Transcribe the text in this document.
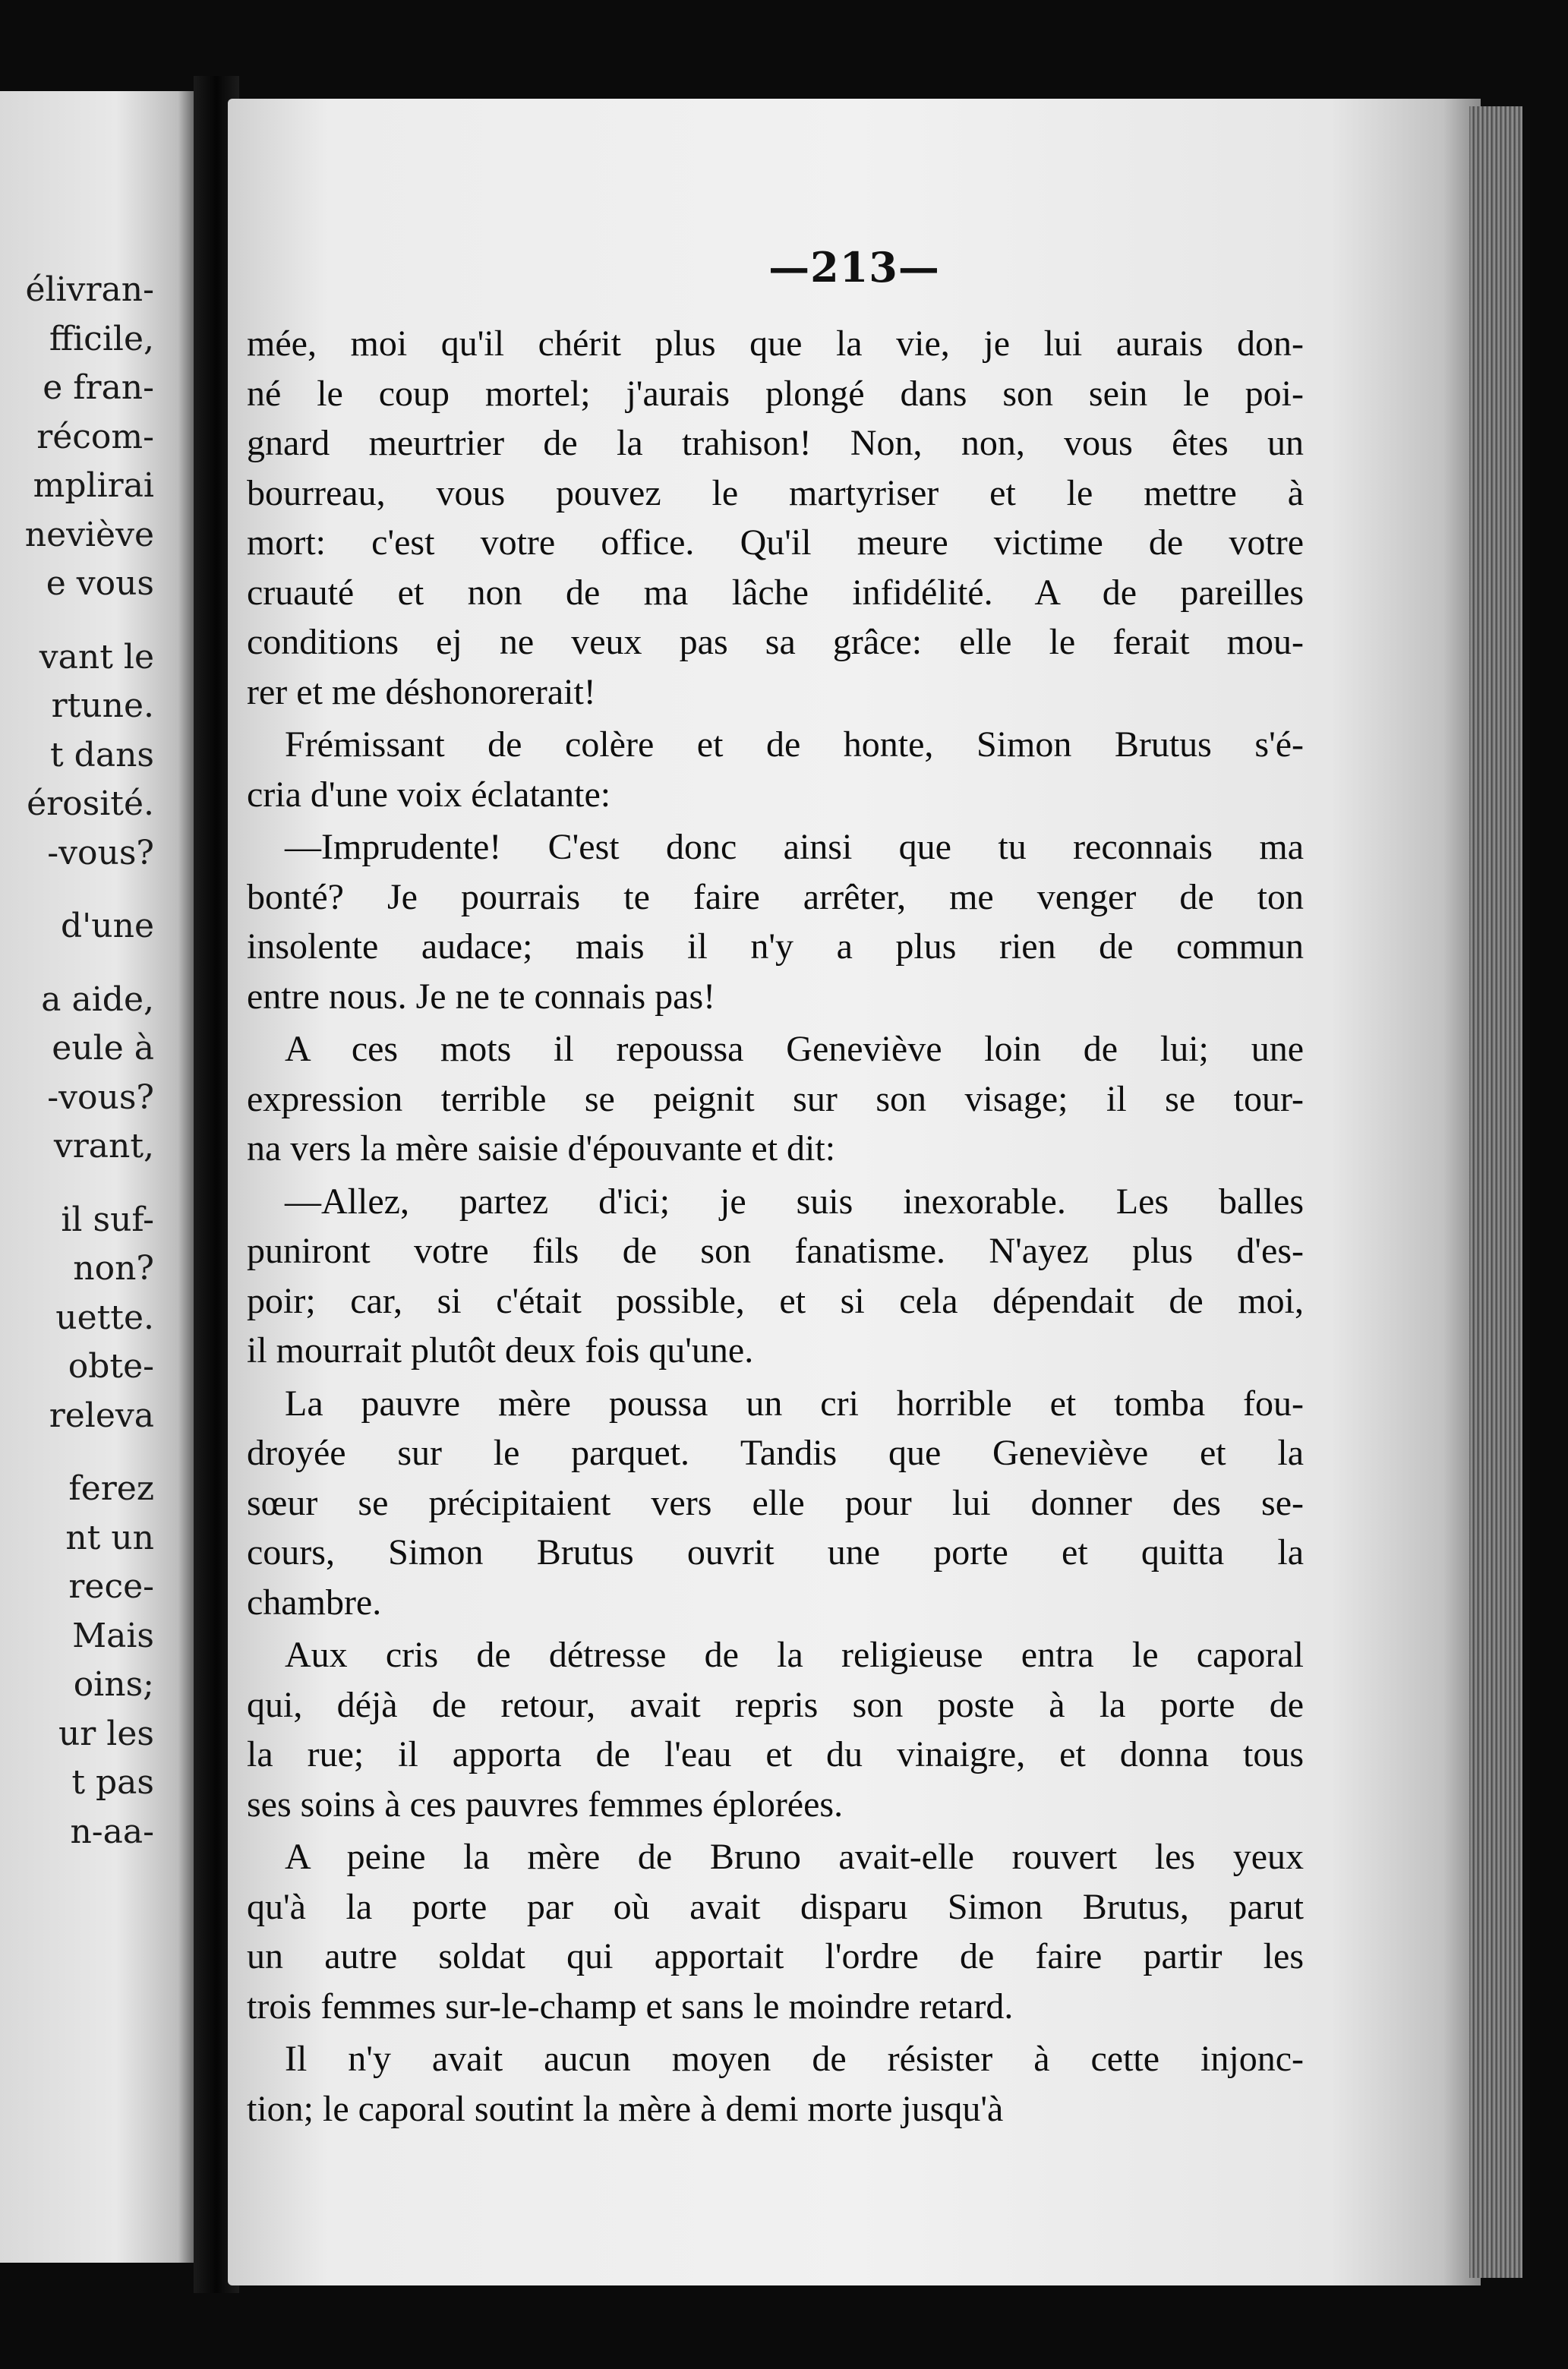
élivran-
fficile,
e fran-
récom-
mplirai
neviève
e vous
vant le
rtune.
t dans
érosité.
-vous?
d'une
a aide,
eule à
-vous?
vrant,
il suf-
non?
uette.
obte-
releva
ferez
nt un
rece-
Mais
oins;
ur les
t pas
n-aa-
—213—
mée, moi qu'il chérit plus que la vie, je lui aurais don-
né le coup mortel; j'aurais plongé dans son sein le poi-
gnard meurtrier de la trahison! Non, non, vous êtes un
bourreau, vous pouvez le martyriser et le mettre à
mort: c'est votre office. Qu'il meure victime de votre
cruauté et non de ma lâche infidélité. A de pareilles
conditions ej ne veux pas sa grâce: elle le ferait mou-
rer et me déshonorerait!
Frémissant de colère et de honte, Simon Brutus s'é-
cria d'une voix éclatante:
—Imprudente! C'est donc ainsi que tu reconnais ma
bonté? Je pourrais te faire arrêter, me venger de ton
insolente audace; mais il n'y a plus rien de commun
entre nous. Je ne te connais pas!
A ces mots il repoussa Geneviève loin de lui; une
expression terrible se peignit sur son visage; il se tour-
na vers la mère saisie d'épouvante et dit:
—Allez, partez d'ici; je suis inexorable. Les balles
puniront votre fils de son fanatisme. N'ayez plus d'es-
poir; car, si c'était possible, et si cela dépendait de moi,
il mourrait plutôt deux fois qu'une.
La pauvre mère poussa un cri horrible et tomba fou-
droyée sur le parquet. Tandis que Geneviève et la
sœur se précipitaient vers elle pour lui donner des se-
cours, Simon Brutus ouvrit une porte et quitta la
chambre.
Aux cris de détresse de la religieuse entra le caporal
qui, déjà de retour, avait repris son poste à la porte de
la rue; il apporta de l'eau et du vinaigre, et donna tous
ses soins à ces pauvres femmes éplorées.
A peine la mère de Bruno avait-elle rouvert les yeux
qu'à la porte par où avait disparu Simon Brutus, parut
un autre soldat qui apportait l'ordre de faire partir les
trois femmes sur-le-champ et sans le moindre retard.
Il n'y avait aucun moyen de résister à cette injonc-
tion; le caporal soutint la mère à demi morte jusqu'à
